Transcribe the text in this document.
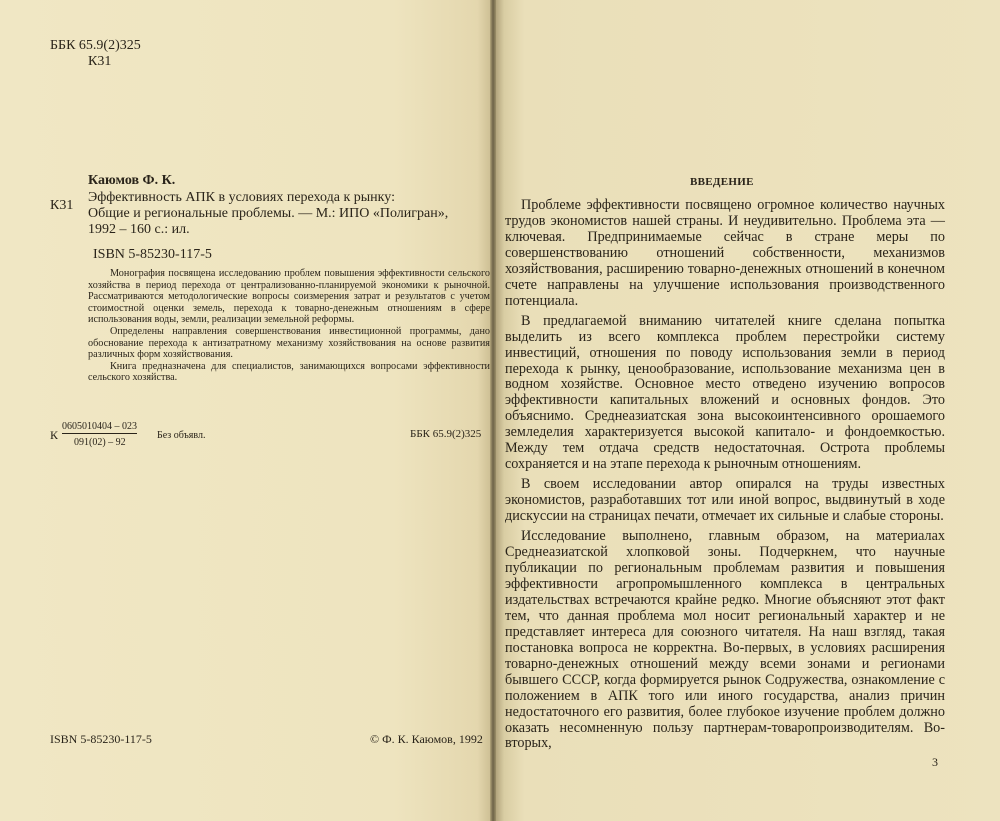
ББК 65.9(2)325
К31
Каюмов Ф. К.
К31
Эффективность АПК в условиях перехода к рынку:
Общие и региональные проблемы. — М.: ИПО «Полигран»,
1992 – 160 с.: ил.
ISBN 5-85230-117-5

Монография посвящена исследованию проблем повышения эффективности сельского хозяйства в период перехода от централизованно-планируемой экономики к рыночной. Рассматриваются методологические вопросы соизмерения затрат и результатов с учетом стоимостной оценки земель, перехода к товарно-денежным отношениям в сфере использования воды, земли, реализации земельной реформы.

Определены направления совершенствования инвестиционной программы, дано обоснование перехода к антизатратному механизму хозяйствования на основе развития различных форм хозяйствования.

Книга предназначена для специалистов, занимающихся вопросами эффективности сельского хозяйства.

К
0605010404 – 023
091(02) – 92
Без объявл.	ББК 65.9(2)325
ISBN 5-85230-117-5	© Ф. К. Каюмов, 1992
ВВЕДЕНИЕ

Проблеме эффективности посвящено огромное количество научных трудов экономистов нашей страны. И неудивительно. Проблема эта — ключевая. Предпринимаемые сейчас в стране меры по совершенствованию отношений собственности, механизмов хозяйствования, расширению товарно-денежных отношений в конечном счете направлены на улучшение использования производственного потенциала.

В предлагаемой вниманию читателей книге сделана попытка выделить из всего комплекса проблем перестройки систему инвестиций, отношения по поводу использования земли в период перехода к рынку, ценообразование, использование механизма цен в водном хозяйстве. Основное место отведено изучению вопросов эффективности капитальных вложений и основных фондов. Это объяснимо. Среднеазиатская зона высокоинтенсивного орошаемого земледелия характеризуется высокой капитало- и фондоемкостью. Между тем отдача средств недостаточная. Острота проблемы сохраняется и на этапе перехода к рыночным отношениям.

В своем исследовании автор опирался на труды известных экономистов, разработавших тот или иной вопрос, выдвинутый в ходе дискуссии на страницах печати, отмечает их сильные и слабые стороны.

Исследование выполнено, главным образом, на материалах Среднеазиатской хлопковой зоны. Подчеркнем, что научные публикации по региональным проблемам развития и повышения эффективности агропромышленного комплекса в центральных издательствах встречаются крайне редко. Многие объясняют этот факт тем, что данная проблема мол носит региональный характер и не представляет интереса для союзного читателя. На наш взгляд, такая постановка вопроса не корректна. Во-первых, в условиях расширения товарно-денежных отношений между всеми зонами и регионами бывшего СССР, когда формируется рынок Содружества, ознакомление с положением в АПК того или иного государства, анализ причин недостаточного его развития, более глубокое изучение проблем должно оказать несомненную пользу партнерам-товаропроизводителям. Во-вторых,

3
